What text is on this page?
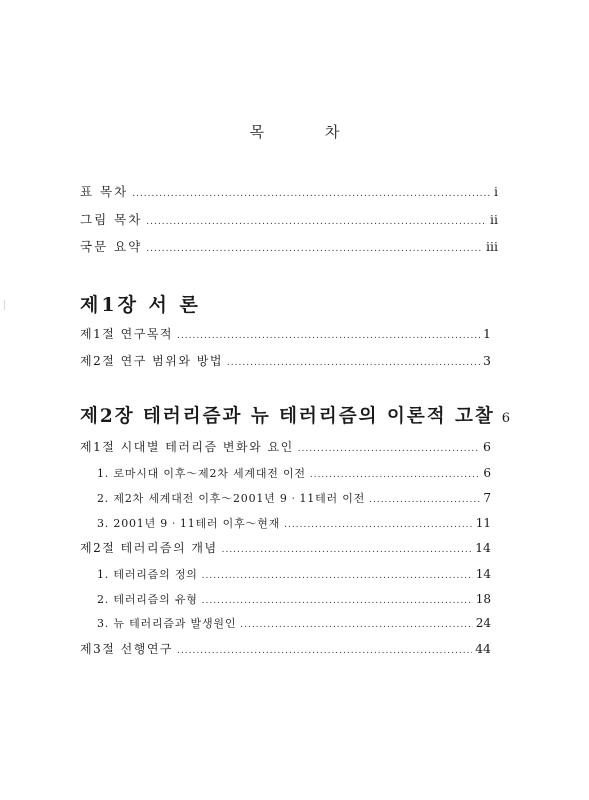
목 차
표 목차 .....	i
그림 목차 .....	ii
국문 요약 .....	iii
제1장 서 론
제1절 연구목적 .....	1
제2절 연구 범위와 방법 .....	3
제2장 테러리즘과 뉴 테러리즘의 이론적 고찰 6
제1절 시대별 테러리즘 변화와 요인 .....	6
1. 로마시대 이후～제2차 세계대전 이전 .....	6
2. 제2차 세계대전 이후～2001년 9‧11테러 이전 .....	7
3. 2001년 9‧11테러 이후～현재 .....	11
제2절 테러리즘의 개념 .....	14
1. 테러리즘의 정의 .....	14
2. 테러리즘의 유형 .....	18
3. 뉴 테러리즘과 발생원인 .....	24
제3절 선행연구 .....	44
